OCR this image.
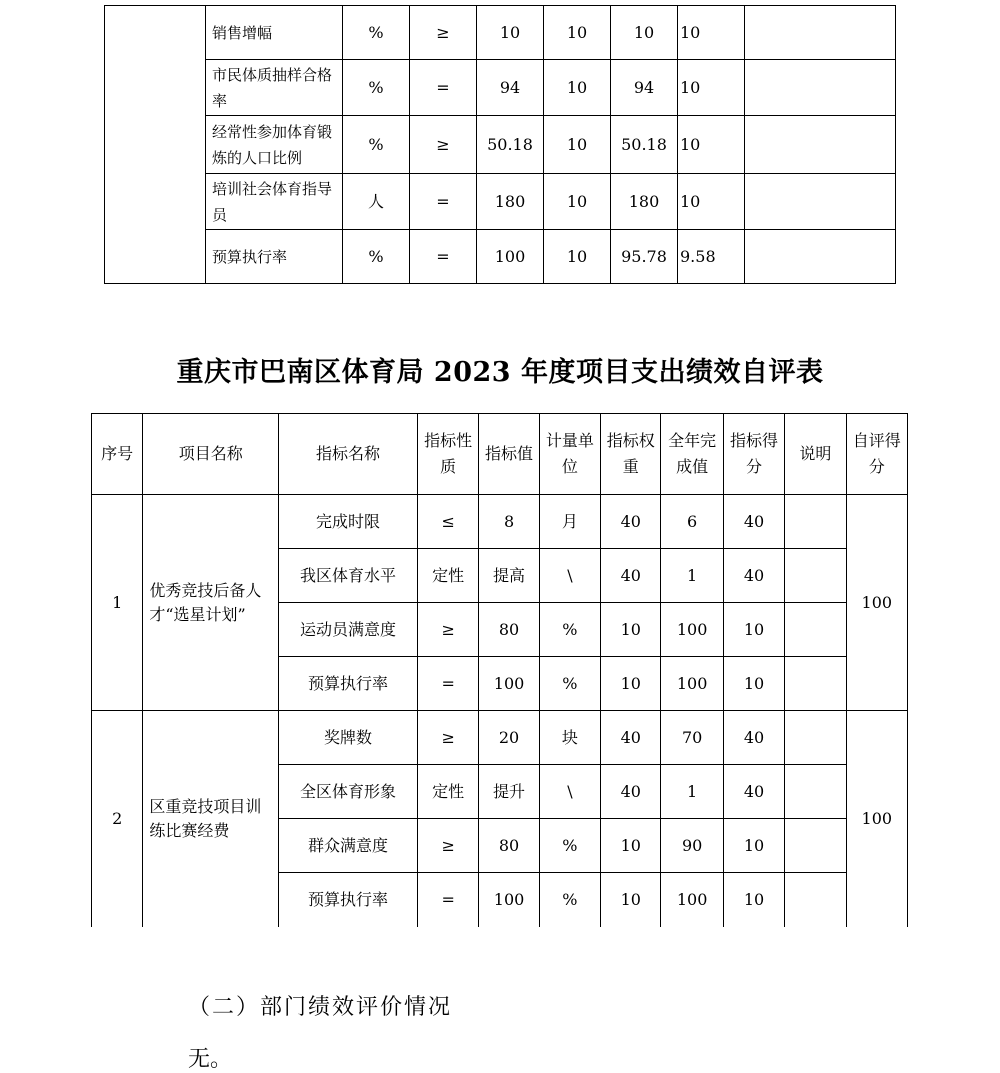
	销售增幅	%	≥	10	10	10	10	
	市民体质抽样合格率	%	=	94	10	94	10	
	经常性参加体育锻炼的人口比例	%	≥	50.18	10	50.18	10	
	培训社会体育指导员	人	=	180	10	180	10	
	预算执行率	%	=	100	10	95.78	9.58	
重庆市巴南区体育局 2023 年度项目支出绩效自评表
序号	项目名称	指标名称	指标性质	指标值	计量单位	指标权重	全年完成值	指标得分	说明	自评得分
1	优秀竞技后备人才“选星计划”	完成时限	≤	8	月	40	6	40		100
		我区体育水平	定性	提高	\	40	1	40		
		运动员满意度	≥	80	%	10	100	10		
		预算执行率	=	100	%	10	100	10		
2	区重竞技项目训练比赛经费	奖牌数	≥	20	块	40	70	40		100
		全区体育形象	定性	提升	\	40	1	40		
		群众满意度	≥	80	%	10	90	10		
		预算执行率	=	100	%	10	100	10		
（二）部门绩效评价情况
无。
